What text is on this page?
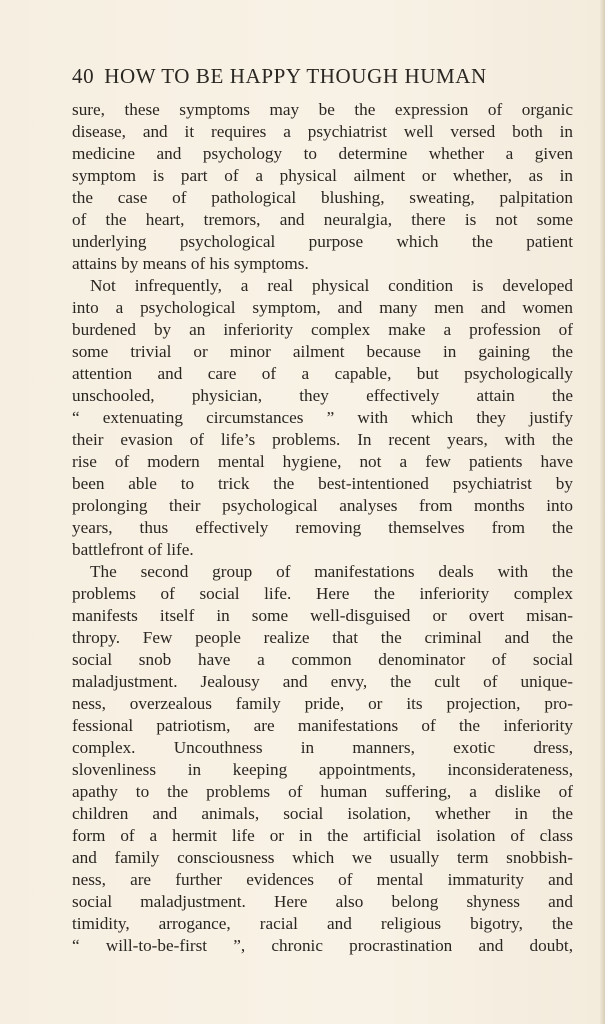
40 HOW TO BE HAPPY THOUGH HUMAN
sure, these symptoms may be the expression of organic
disease, and it requires a psychiatrist well versed both in
medicine and psychology to determine whether a given
symptom is part of a physical ailment or whether, as in
the case of pathological blushing, sweating, palpitation
of the heart, tremors, and neuralgia, there is not some
underlying psychological purpose which the patient
attains by means of his symptoms.
Not infrequently, a real physical condition is developed
into a psychological symptom, and many men and women
burdened by an inferiority complex make a profession of
some trivial or minor ailment because in gaining the
attention and care of a capable, but psychologically
unschooled, physician, they effectively attain the
“ extenuating circumstances ” with which they justify
their evasion of life’s problems. In recent years, with the
rise of modern mental hygiene, not a few patients have
been able to trick the best-intentioned psychiatrist by
prolonging their psychological analyses from months into
years, thus effectively removing themselves from the
battlefront of life.
The second group of manifestations deals with the
problems of social life. Here the inferiority complex
manifests itself in some well-disguised or overt misan-
thropy. Few people realize that the criminal and the
social snob have a common denominator of social
maladjustment. Jealousy and envy, the cult of unique-
ness, overzealous family pride, or its projection, pro-
fessional patriotism, are manifestations of the inferiority
complex. Uncouthness in manners, exotic dress,
slovenliness in keeping appointments, inconsiderateness,
apathy to the problems of human suffering, a dislike of
children and animals, social isolation, whether in the
form of a hermit life or in the artificial isolation of class
and family consciousness which we usually term snobbish-
ness, are further evidences of mental immaturity and
social maladjustment. Here also belong shyness and
timidity, arrogance, racial and religious bigotry, the
“ will-to-be-first ”, chronic procrastination and doubt,
